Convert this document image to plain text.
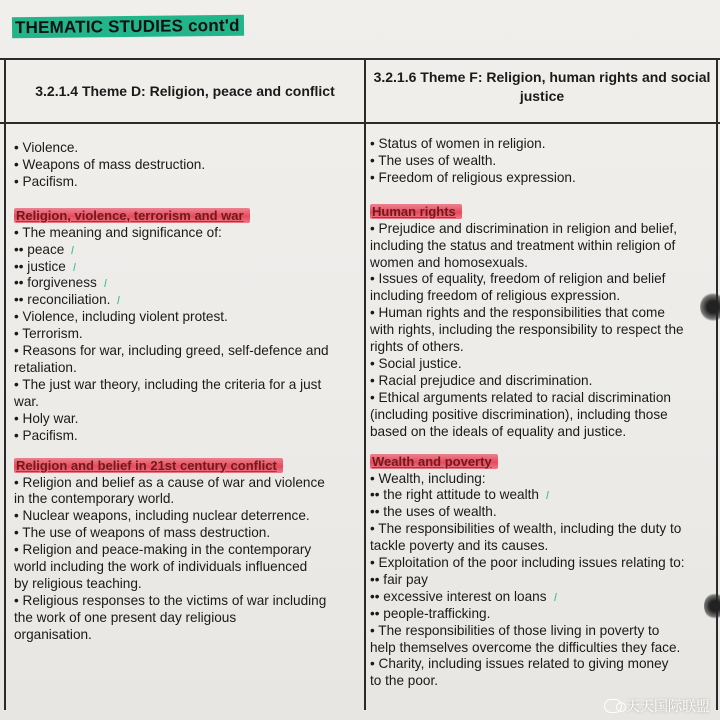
THEMATIC STUDIES cont'd
3.2.1.4 Theme D: Religion, peace and conflict
3.2.1.6 Theme F: Religion, human rights and social justice
• Violence.
• Weapons of mass destruction.
• Pacifism.
Religion, violence, terrorism and war
• The meaning and significance of:
•• peace
•• justice
•• forgiveness
•• reconciliation.
• Violence, including violent protest.
• Terrorism.
• Reasons for war, including greed, self-defence and
retaliation.
• The just war theory, including the criteria for a just
war.
• Holy war.
• Pacifism.
Religion and belief in 21st century conflict
• Religion and belief as a cause of war and violence
in the contemporary world.
• Nuclear weapons, including nuclear deterrence.
• The use of weapons of mass destruction.
• Religion and peace-making in the contemporary
world including the work of individuals influenced
by religious teaching.
• Religious responses to the victims of war including
the work of one present day religious
organisation.
• Status of women in religion.
• The uses of wealth.
• Freedom of religious expression.
Human rights
• Prejudice and discrimination in religion and belief,
including the status and treatment within religion of
women and homosexuals.
• Issues of equality, freedom of religion and belief
including freedom of religious expression.
• Human rights and the responsibilities that come
with rights, including the responsibility to respect the
rights of others.
• Social justice.
• Racial prejudice and discrimination.
• Ethical arguments related to racial discrimination
(including positive discrimination), including those
based on the ideals of equality and justice.
Wealth and poverty
• Wealth, including:
•• the right attitude to wealth
•• the uses of wealth.
• The responsibilities of wealth, including the duty to
tackle poverty and its causes.
• Exploitation of the poor including issues relating to:
•• fair pay
•• excessive interest on loans
•• people-trafficking.
• The responsibilities of those living in poverty to
help themselves overcome the difficulties they face.
• Charity, including issues related to giving money
to the poor.
天天国际联盟
